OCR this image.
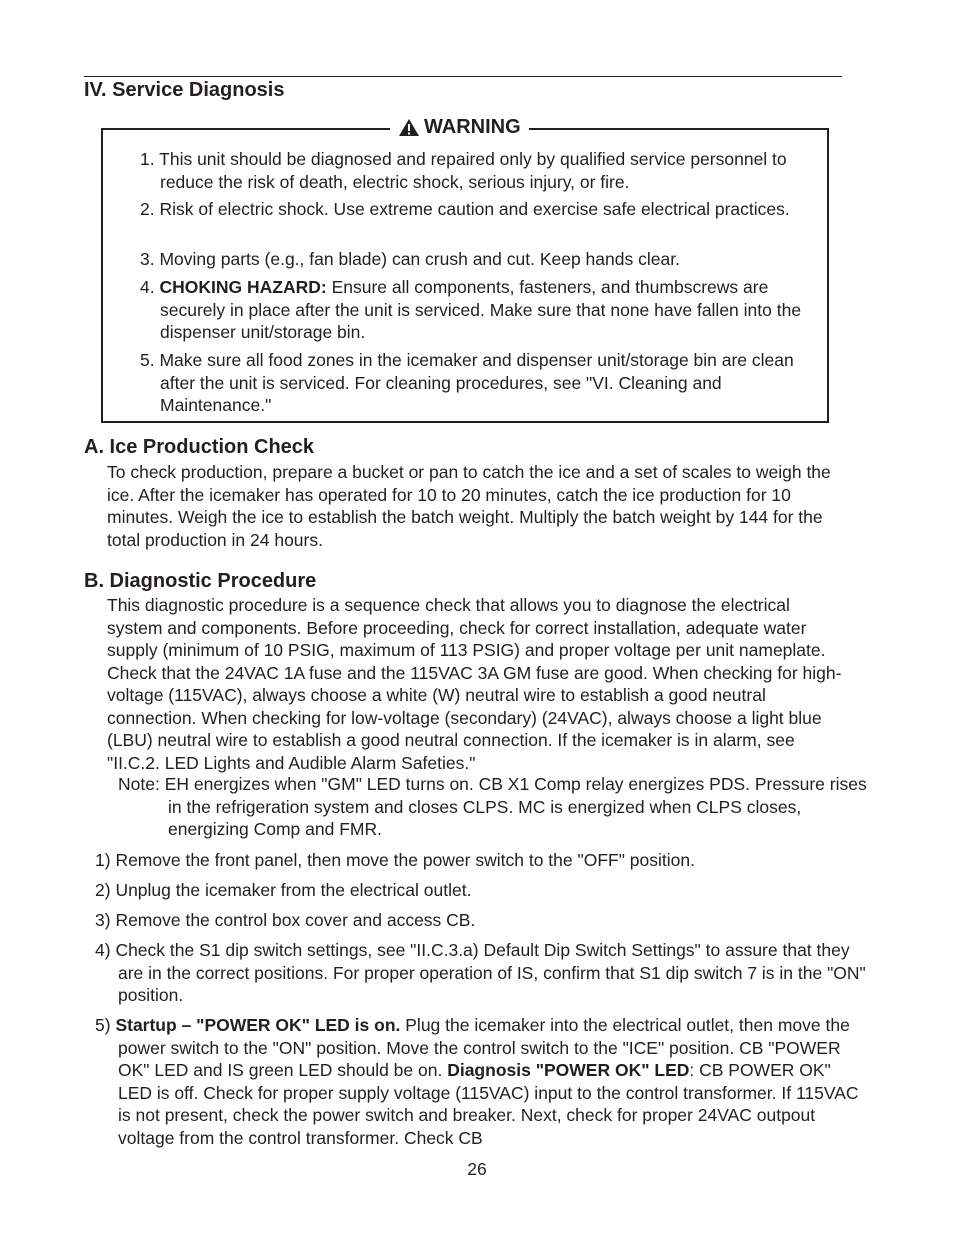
IV. Service Diagnosis
WARNING

1. This unit should be diagnosed and repaired only by qualified service personnel to reduce the risk of death, electric shock, serious injury, or fire.

2. Risk of electric shock. Use extreme caution and exercise safe electrical practices.

3. Moving parts (e.g., fan blade) can crush and cut. Keep hands clear.

4. CHOKING HAZARD: Ensure all components, fasteners, and thumbscrews are securely in place after the unit is serviced. Make sure that none have fallen into the dispenser unit/storage bin.

5. Make sure all food zones in the icemaker and dispenser unit/storage bin are clean after the unit is serviced. For cleaning procedures, see "VI. Cleaning and Maintenance."

A. Ice Production Check

To check production, prepare a bucket or pan to catch the ice and a set of scales to weigh the ice. After the icemaker has operated for 10 to 20 minutes, catch the ice production for 10 minutes. Weigh the ice to establish the batch weight. Multiply the batch weight by 144 for the total production in 24 hours.

B. Diagnostic Procedure

This diagnostic procedure is a sequence check that allows you to diagnose the electrical system and components. Before proceeding, check for correct installation, adequate water supply (minimum of 10 PSIG, maximum of 113 PSIG) and proper voltage per unit nameplate. Check that the 24VAC 1A fuse and the 115VAC 3A GM fuse are good. When checking for high-voltage (115VAC), always choose a white (W) neutral wire to establish a good neutral connection. When checking for low-voltage (secondary) (24VAC), always choose a light blue (LBU) neutral wire to establish a good neutral connection. If the icemaker is in alarm, see "II.C.2. LED Lights and Audible Alarm Safeties."

Note: EH energizes when "GM" LED turns on. CB X1 Comp relay energizes PDS. Pressure rises in the refrigeration system and closes CLPS. MC is energized when CLPS closes, energizing Comp and FMR.

1) Remove the front panel, then move the power switch to the "OFF" position.

2) Unplug the icemaker from the electrical outlet.

3) Remove the control box cover and access CB.

4) Check the S1 dip switch settings, see "II.C.3.a) Default Dip Switch Settings" to assure that they are in the correct positions. For proper operation of IS, confirm that S1 dip switch 7 is in the "ON" position.

5) Startup – "POWER OK" LED is on. Plug the icemaker into the electrical outlet, then move the power switch to the "ON" position. Move the control switch to the "ICE" position. CB "POWER OK" LED and IS green LED should be on. Diagnosis "POWER OK" LED: CB POWER OK" LED is off. Check for proper supply voltage (115VAC) input to the control transformer. If 115VAC is not present, check the power switch and breaker. Next, check for proper 24VAC outpout voltage from the control transformer. Check CB

26
